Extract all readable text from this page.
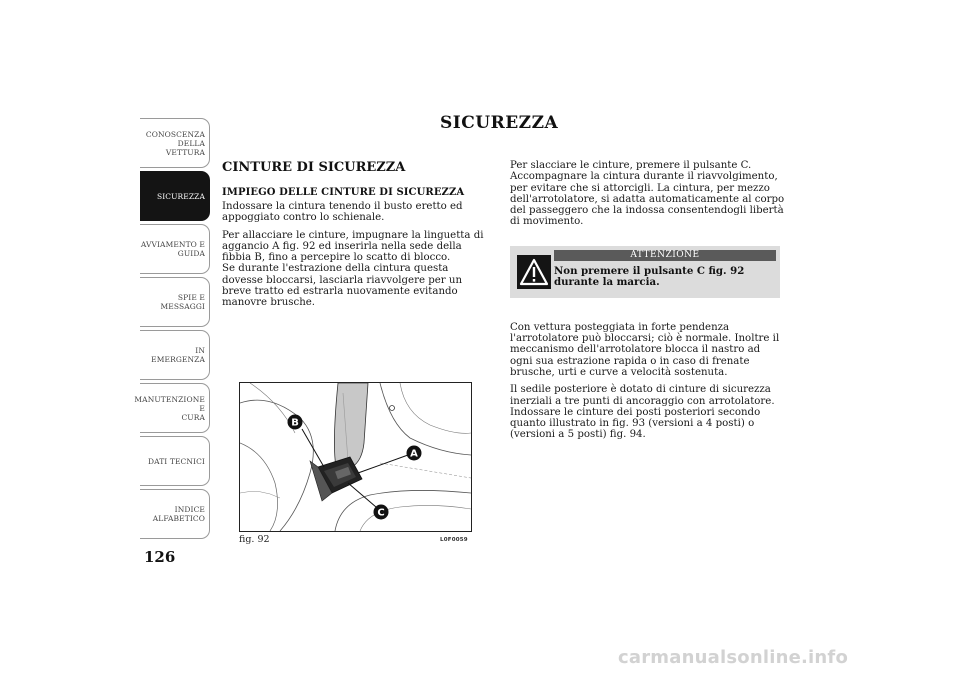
CONOSCENZA
DELLA VETTURA
SICUREZZA
AVVIAMENTO E
GUIDA
SPIE E MESSAGGI
IN EMERGENZA
MANUTENZIONE E
CURA
DATI TECNICI
INDICE
ALFABETICO
126
SICUREZZA
CINTURE DI SICUREZZA
IMPIEGO DELLE CINTURE DI SICUREZZA

Indossare la cintura tenendo il busto eretto ed appoggiato contro lo schienale.

Per allacciare le cinture, impugnare la linguetta di aggancio A fig. 92 ed inserirla nella sede della fibbia B, fino a percepire lo scatto di blocco.
Se durante l'estrazione della cintura questa dovesse bloccarsi, lasciarla riavvolgere per un breve tratto ed estrarla nuovamente evitando manovre brusche.

Per slacciare le cinture, premere il pulsante C. Accompagnare la cintura durante il riavvolgimento, per evitare che si attorcigli. La cintura, per mezzo dell'arrotolatore, si adatta automaticamente al corpo del passeggero che la indossa consentendogli libertà di movimento.

ATTENZIONE
Non premere il pulsante C fig. 92 durante la marcia.

Con vettura posteggiata in forte pendenza l'arrotolatore può bloccarsi; ciò è normale. Inoltre il meccanismo dell'arrotolatore blocca il nastro ad ogni sua estrazione rapida o in caso di frenate brusche, urti e curve a velocità sostenuta.

Il sedile posteriore è dotato di cinture di sicurezza inerziali a tre punti di ancoraggio con arrotolatore. Indossare le cinture dei posti posteriori secondo quanto illustrato in fig. 93 (versioni a 4 posti) o (versioni a 5 posti) fig. 94.

B
A
C
fig. 92	L0F0059
carmanualsonline.info
